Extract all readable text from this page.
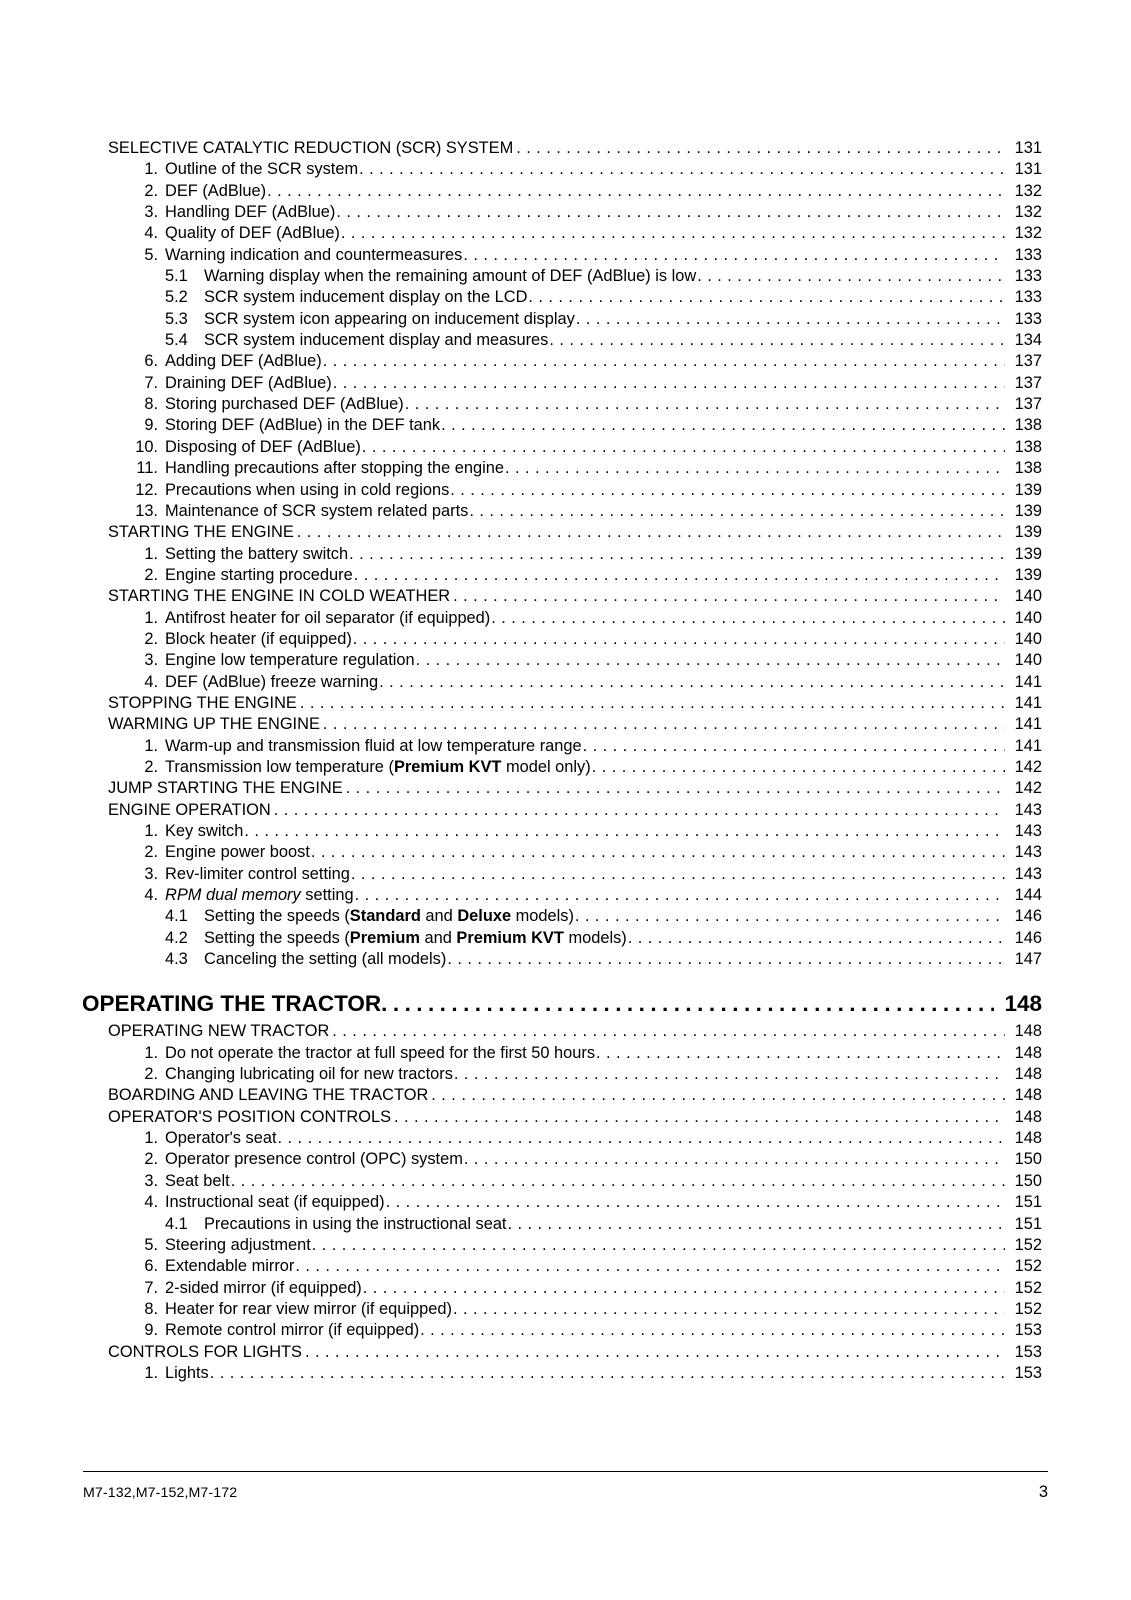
SELECTIVE CATALYTIC REDUCTION (SCR) SYSTEM . . .	131
1. Outline of the SCR system . . .	131
2. DEF (AdBlue) . . .	132
3. Handling DEF (AdBlue) . . .	132
4. Quality of DEF (AdBlue) . . .	132
5. Warning indication and countermeasures . . .	133
5.1 Warning display when the remaining amount of DEF (AdBlue) is low . . .	133
5.2 SCR system inducement display on the LCD . . .	133
5.3 SCR system icon appearing on inducement display . . .	133
5.4 SCR system inducement display and measures . . .	134
6. Adding DEF (AdBlue) . . .	137
7. Draining DEF (AdBlue) . . .	137
8. Storing purchased DEF (AdBlue) . . .	137
9. Storing DEF (AdBlue) in the DEF tank . . .	138
10. Disposing of DEF (AdBlue) . . .	138
11. Handling precautions after stopping the engine . . .	138
12. Precautions when using in cold regions . . .	139
13. Maintenance of SCR system related parts . . .	139
STARTING THE ENGINE . . .	139
1. Setting the battery switch . . .	139
2. Engine starting procedure . . .	139
STARTING THE ENGINE IN COLD WEATHER . . .	140
1. Antifrost heater for oil separator (if equipped) . . .	140
2. Block heater (if equipped) . . .	140
3. Engine low temperature regulation . . .	140
4. DEF (AdBlue) freeze warning . . .	141
STOPPING THE ENGINE . . .	141
WARMING UP THE ENGINE . . .	141
1. Warm-up and transmission fluid at low temperature range . . .	141
2. Transmission low temperature (Premium KVT model only) . . .	142
JUMP STARTING THE ENGINE . . .	142
ENGINE OPERATION . . .	143
1. Key switch . . .	143
2. Engine power boost . . .	143
3. Rev-limiter control setting . . .	143
4. RPM dual memory setting . . .	144
4.1 Setting the speeds (Standard and Deluxe models) . . .	146
4.2 Setting the speeds (Premium and Premium KVT models) . . .	146
4.3 Canceling the setting (all models) . . .	147
OPERATING THE TRACTOR . . .	148
OPERATING NEW TRACTOR . . .	148
1. Do not operate the tractor at full speed for the first 50 hours . . .	148
2. Changing lubricating oil for new tractors . . .	148
BOARDING AND LEAVING THE TRACTOR . . .	148
OPERATOR'S POSITION CONTROLS . . .	148
1. Operator's seat . . .	148
2. Operator presence control (OPC) system . . .	150
3. Seat belt . . .	150
4. Instructional seat (if equipped) . . .	151
4.1 Precautions in using the instructional seat . . .	151
5. Steering adjustment . . .	152
6. Extendable mirror . . .	152
7. 2-sided mirror (if equipped) . . .	152
8. Heater for rear view mirror (if equipped) . . .	152
9. Remote control mirror (if equipped) . . .	153
CONTROLS FOR LIGHTS . . .	153
1. Lights . . .	153
M7-132,M7-152,M7-172	3
